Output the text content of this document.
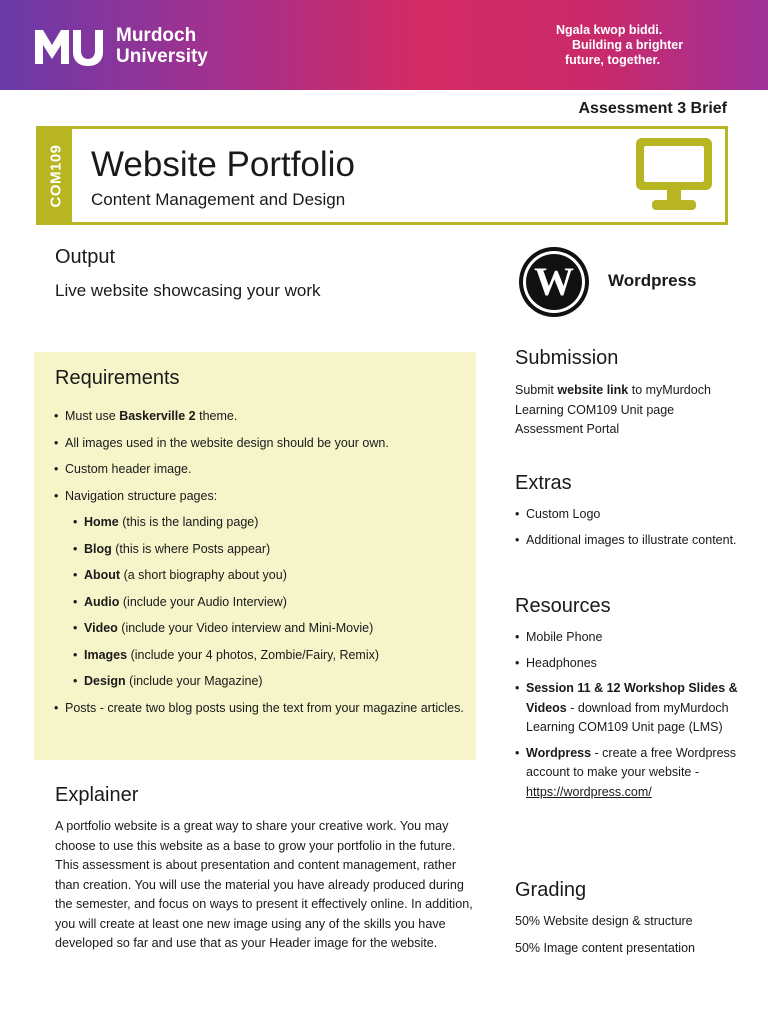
Murdoch
University
Ngala kwop biddi.
Building a brighter
future, together.
Assessment 3 Brief
COM109 Website Portfolio
Content Management and Design
Output
Live website showcasing your work	W Wordpress
Requirements
• Must use Baskerville 2 theme.
• All images used in the website design should be your own.
• Custom header image.
• Navigation structure pages:
• Home (this is the landing page)
• Blog (this is where Posts appear)
• About (a short biography about you)
• Audio (include your Audio Interview)
• Video (include your Video interview and Mini-Movie)
• Images (include your 4 photos, Zombie/Fairy, Remix)
• Design (include your Magazine)
• Posts - create two blog posts using the text from your magazine articles.
Explainer
A portfolio website is a great way to share your creative work. You may choose to use this website as a base to grow your portfolio in the future. This assessment is about presentation and content management, rather than creation. You will use the material you have already produced during the semester, and focus on ways to present it effectively online. In addition, you will create at least one new image using any of the skills you have developed so far and use that as your Header image for the website.
Submission

Submit website link to myMurdoch Learning COM109 Unit page Assessment Portal

Extras
• Custom Logo
• Additional images to illustrate content.
Resources
• Mobile Phone
• Headphones
• Session 11 & 12 Workshop Slides & Videos - download from myMurdoch Learning COM109 Unit page (LMS)
• Wordpress - create a free Wordpress account to make your website - https://wordpress.com/
Grading

50% Website design & structure

50% Image content presentation
